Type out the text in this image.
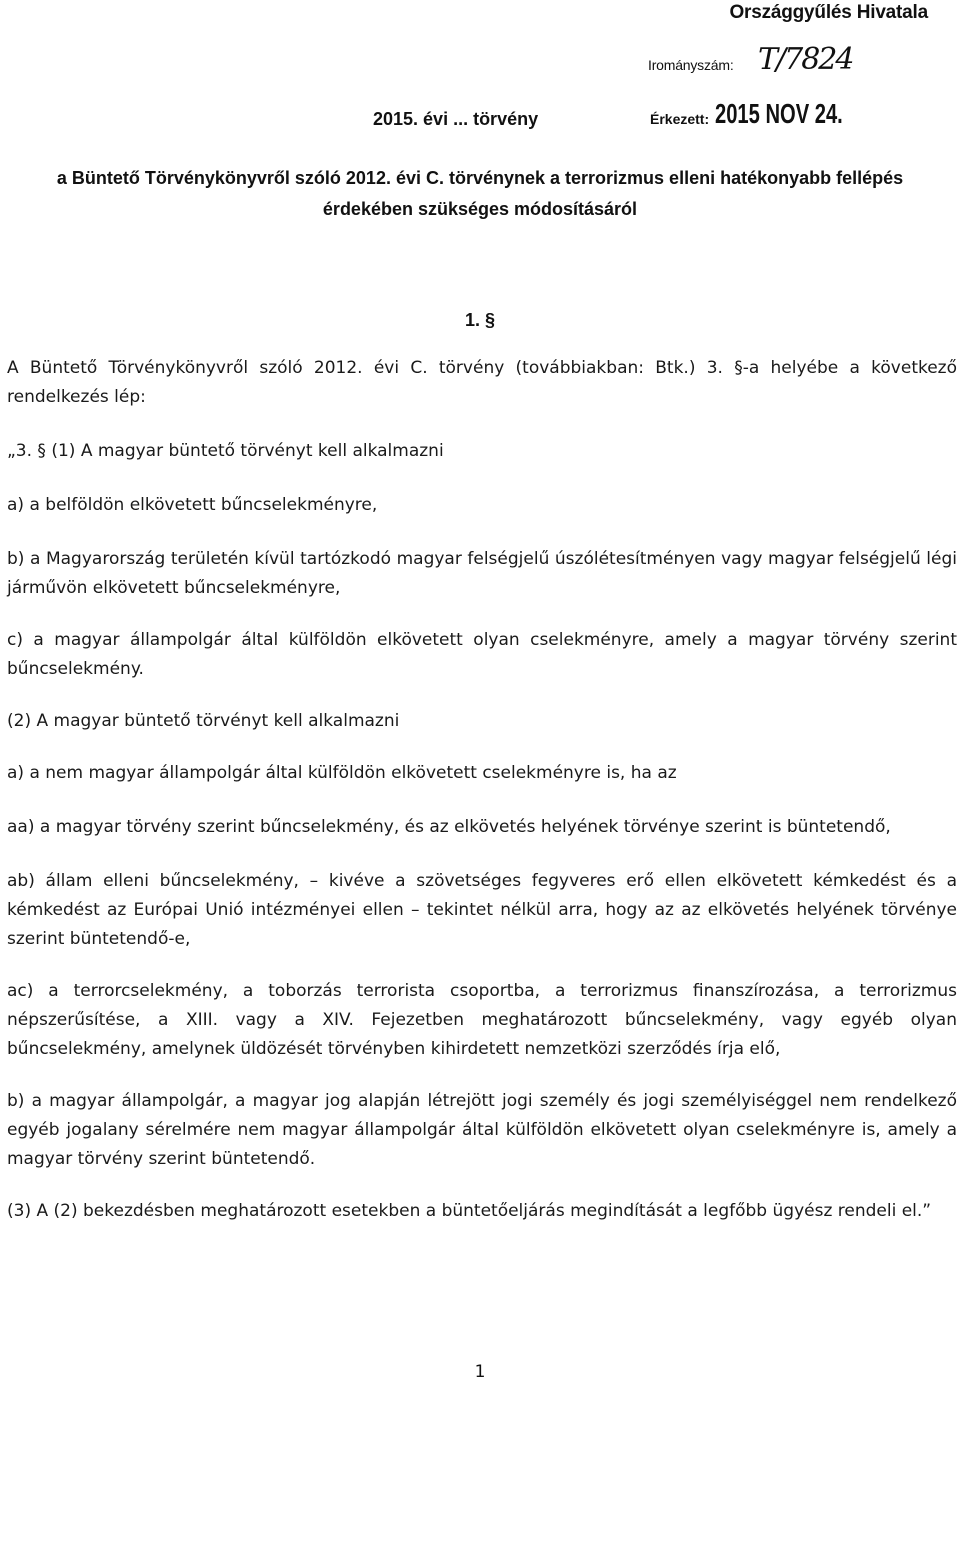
Országgyűlés Hivatala
Irományszám: T/7824
2015. évi ... törvény	Érkezett: 2015 NOV 24.
a Büntető Törvénykönyvről szóló 2012. évi C. törvénynek a terrorizmus elleni hatékonyabb fellépés
érdekében szükséges módosításáról
1. §

A Büntető Törvénykönyvről szóló 2012. évi C. törvény (továbbiakban: Btk.) 3. §-a helyébe a következő rendelkezés lép:

„3. § (1) A magyar büntető törvényt kell alkalmazni

a) a belföldön elkövetett bűncselekményre,

b) a Magyarország területén kívül tartózkodó magyar felségjelű úszólétesítményen vagy magyar felségjelű légi járművön elkövetett bűncselekményre,

c) a magyar állampolgár által külföldön elkövetett olyan cselekményre, amely a magyar törvény szerint bűncselekmény.

(2) A magyar büntető törvényt kell alkalmazni

a) a nem magyar állampolgár által külföldön elkövetett cselekményre is, ha az

aa) a magyar törvény szerint bűncselekmény, és az elkövetés helyének törvénye szerint is büntetendő,

ab) állam elleni bűncselekmény, – kivéve a szövetséges fegyveres erő ellen elkövetett kémkedést és a kémkedést az Európai Unió intézményei ellen – tekintet nélkül arra, hogy az az elkövetés helyének törvénye szerint büntetendő-e,

ac) a terrorcselekmény, a toborzás terrorista csoportba, a terrorizmus finanszírozása, a terrorizmus népszerűsítése, a XIII. vagy a XIV. Fejezetben meghatározott bűncselekmény, vagy egyéb olyan bűncselekmény, amelynek üldözését törvényben kihirdetett nemzetközi szerződés írja elő,

b) a magyar állampolgár, a magyar jog alapján létrejött jogi személy és jogi személyiséggel nem rendelkező egyéb jogalany sérelmére nem magyar állampolgár által külföldön elkövetett olyan cselekményre is, amely a magyar törvény szerint büntetendő.

(3) A (2) bekezdésben meghatározott esetekben a büntetőeljárás megindítását a legfőbb ügyész rendeli el.”

1
